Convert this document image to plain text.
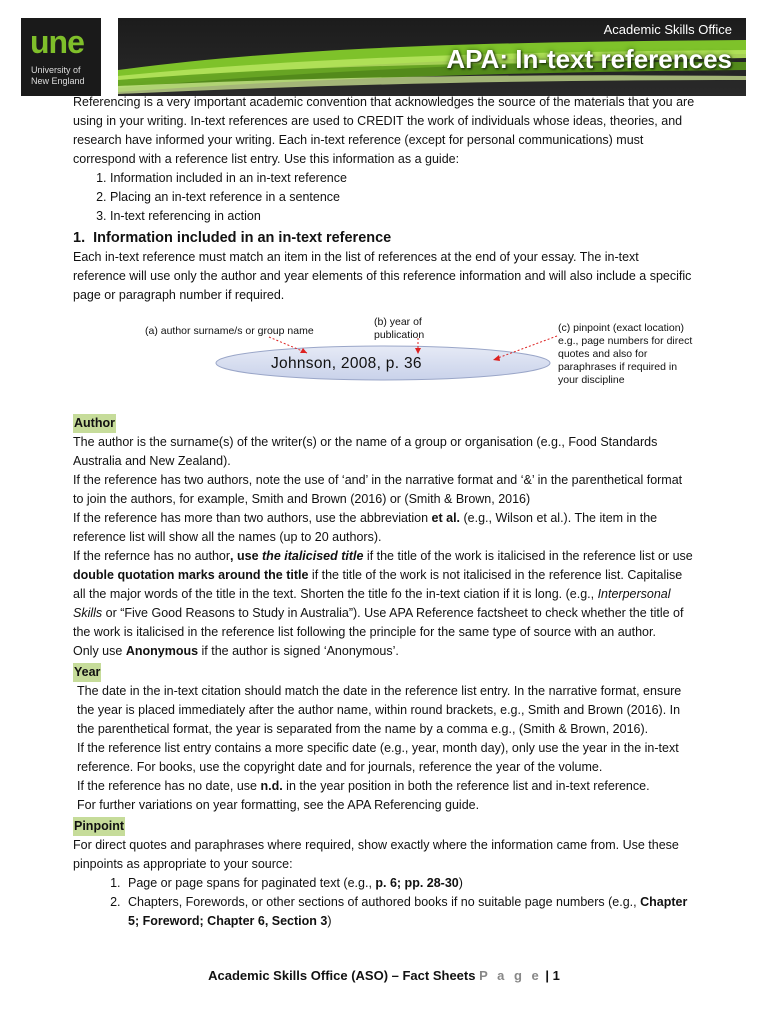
une
University of
New England
Academic Skills Office
APA: In-text references

Referencing is a very important academic convention that acknowledges the source of the materials that you are using in your writing. In-text references are used to CREDIT the work of individuals whose ideas, theories, and research have informed your writing. Each in-text reference (except for personal communications) must correspond with a reference list entry. Use this information as a guide:

1. Information included in an in-text reference
2. Placing an in-text reference in a sentence
3. In-text referencing in action
1.  Information included in an in-text reference

Each in-text reference must match an item in the list of references at the end of your essay. The in-text reference will use only the author and year elements of this reference information and will also include a specific page or paragraph number if required.

(a) author surname/s or group name
(b) year of publication
(c) pinpoint (exact location) e.g., page numbers for direct quotes and also for paraphrases if required in your discipline
Johnson, 2008, p. 36
Author

The author is the surname(s) of the writer(s) or the name of a group or organisation (e.g., Food Standards Australia and New Zealand).

If the reference has two authors, note the use of ‘and’ in the narrative format and ‘&’ in the parenthetical format to join the authors, for example, Smith and Brown (2016) or (Smith & Brown, 2016)

If the reference has more than two authors, use the abbreviation et al. (e.g., Wilson et al.). The item in the reference list will show all the names (up to 20 authors).

If the refernce has no author, use the italicised title if the title of the work is italicised in the reference list or use double quotation marks around the title if the title of the work is not italicised in the reference list. Capitalise all the major words of the title in the text. Shorten the title fo the in-text ciation if it is long. (e.g., Interpersonal Skills or “Five Good Reasons to Study in Australia”). Use APA Reference factsheet to check whether the title of the work is italicised in the reference list following the principle for the same type of source with an author.

Only use Anonymous if the author is signed ‘Anonymous’.

Year

The date in the in-text citation should match the date in the reference list entry. In the narrative format, ensure the year is placed immediately after the author name, within round brackets, e.g., Smith and Brown (2016). In the parenthetical format, the year is separated from the name by a comma e.g., (Smith & Brown, 2016).

If the reference list entry contains a more specific date (e.g., year, month day), only use the year in the in-text reference. For books, use the copyright date and for journals, reference the year of the volume.

If the reference has no date, use n.d. in the year position in both the reference list and in-text reference.

For further variations on year formatting, see the APA Referencing guide.

Pinpoint

For direct quotes and paraphrases where required, show exactly where the information came from. Use these pinpoints as appropriate to your source:

1. Page or page spans for paginated text (e.g., p. 6; pp. 28-30)
2. Chapters, Forewords, or other sections of authored books if no suitable page numbers (e.g., Chapter 5; Foreword; Chapter 6, Section 3)
Academic Skills Office (ASO) – Fact Sheets P a g e | 1
